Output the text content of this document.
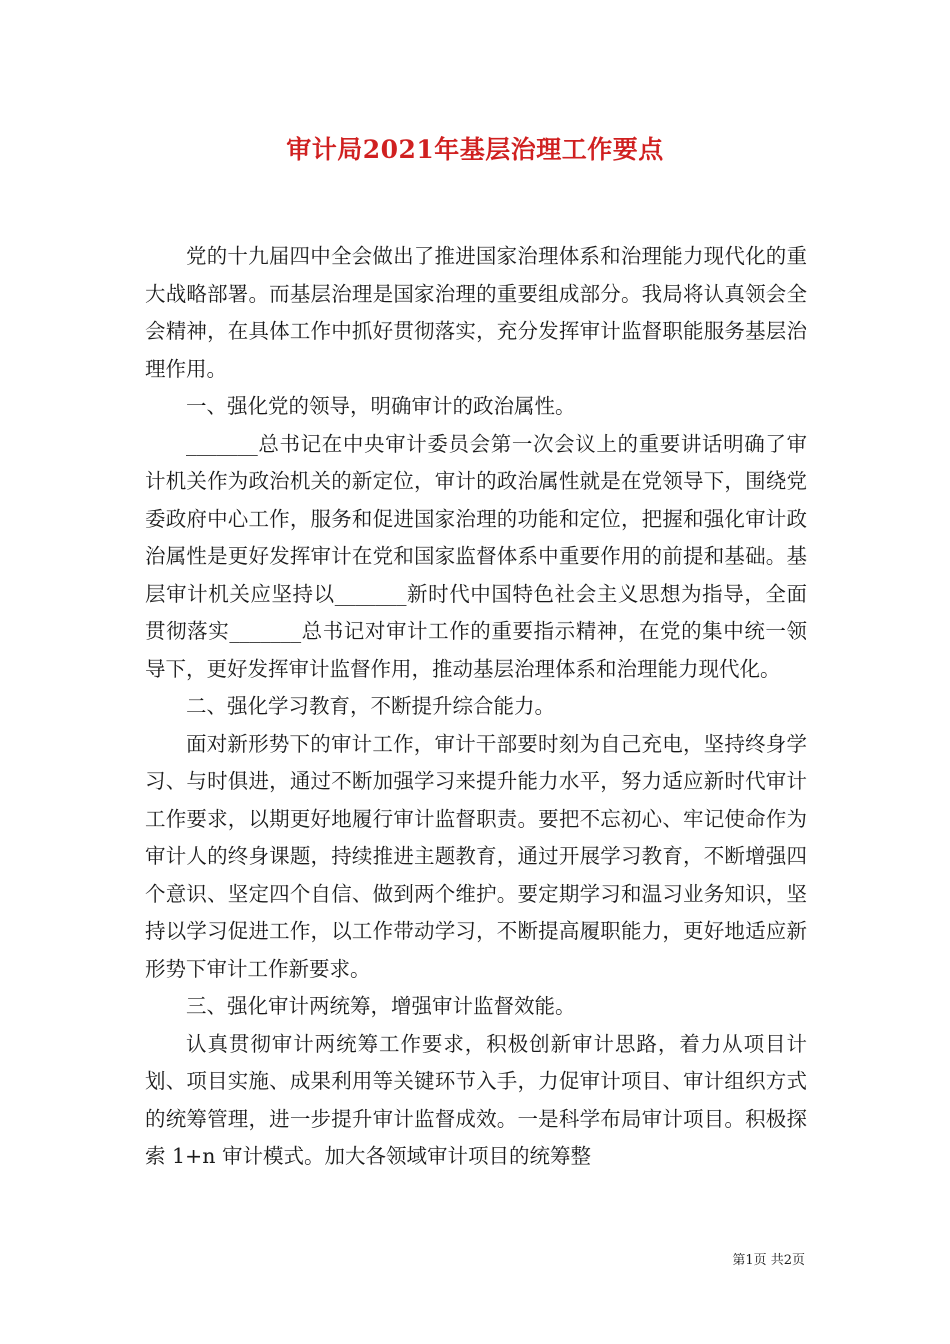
审计局2021年基层治理工作要点

党的十九届四中全会做出了推进国家治理体系和治理能力现代化的重大战略部署。而基层治理是国家治理的重要组成部分。我局将认真领会全会精神，在具体工作中抓好贯彻落实，充分发挥审计监督职能服务基层治理作用。

一、强化党的领导，明确审计的政治属性。

_______总书记在中央审计委员会第一次会议上的重要讲话明确了审计机关作为政治机关的新定位，审计的政治属性就是在党领导下，围绕党委政府中心工作，服务和促进国家治理的功能和定位，把握和强化审计政治属性是更好发挥审计在党和国家监督体系中重要作用的前提和基础。基层审计机关应坚持以_______新时代中国特色社会主义思想为指导，全面贯彻落实_______总书记对审计工作的重要指示精神，在党的集中统一领导下，更好发挥审计监督作用，推动基层治理体系和治理能力现代化。

二、强化学习教育，不断提升综合能力。

面对新形势下的审计工作，审计干部要时刻为自己充电，坚持终身学习、与时俱进，通过不断加强学习来提升能力水平，努力适应新时代审计工作要求，以期更好地履行审计监督职责。要把不忘初心、牢记使命作为审计人的终身课题，持续推进主题教育，通过开展学习教育，不断增强四个意识、坚定四个自信、做到两个维护。要定期学习和温习业务知识，坚持以学习促进工作，以工作带动学习，不断提高履职能力，更好地适应新形势下审计工作新要求。

三、强化审计两统筹，增强审计监督效能。

认真贯彻审计两统筹工作要求，积极创新审计思路，着力从项目计划、项目实施、成果利用等关键环节入手，力促审计项目、审计组织方式的统筹管理，进一步提升审计监督成效。一是科学布局审计项目。积极探索 1+n 审计模式。加大各领域审计项目的统筹整

第1页 共2页
